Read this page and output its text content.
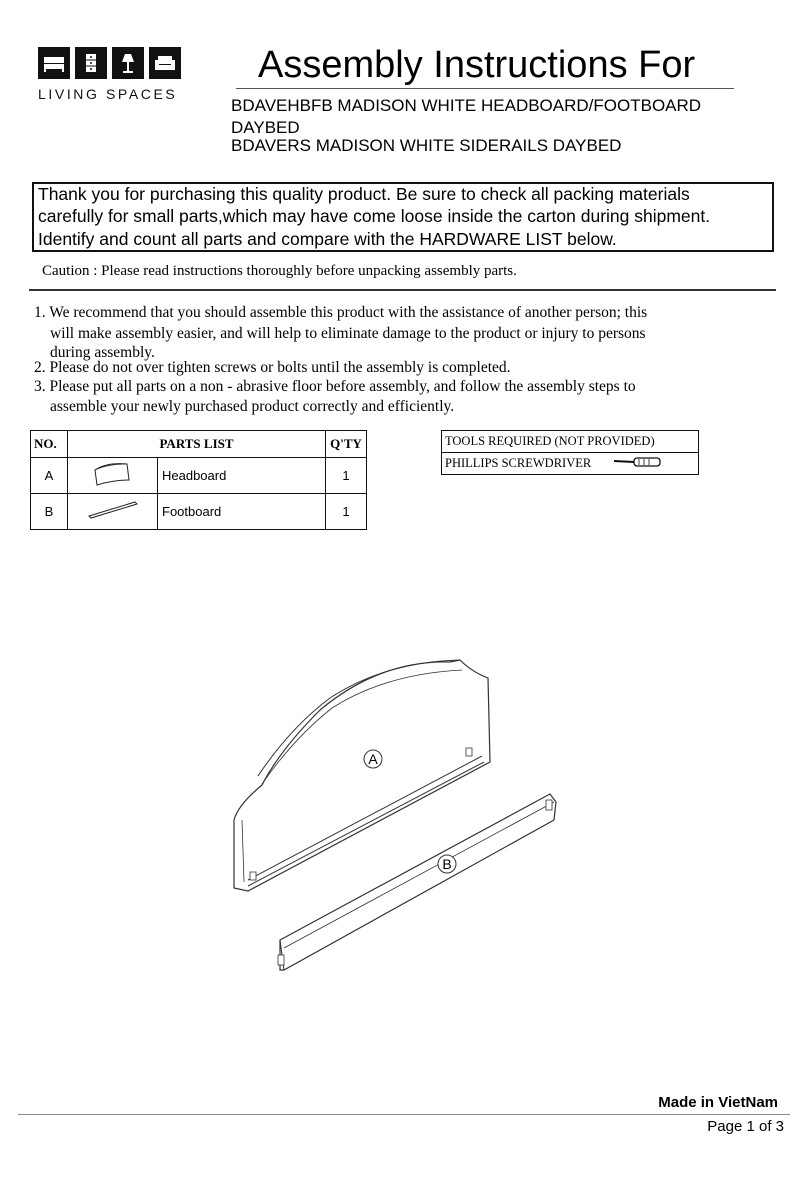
LIVING SPACES
Assembly Instructions For
BDAVEHBFB MADISON WHITE HEADBOARD/FOOTBOARD
DAYBED
BDAVERS MADISON WHITE SIDERAILS DAYBED
Thank you for purchasing this quality product. Be sure to check all packing materials
carefully for small parts,which may have come loose inside the carton during shipment.
Identify and count all parts and compare with the HARDWARE LIST below.
Caution : Please read instructions thoroughly before unpacking assembly parts.
1. We recommend that you should assemble this product with the assistance of another person; this
will make assembly easier, and will help to eliminate damage to the product or injury to persons
during assembly.
2. Please do not over tighten screws or bolts until the assembly is completed.
3. Please put all parts on a non - abrasive floor before assembly, and follow the assembly steps to
assemble your newly purchased product correctly and efficiently.
NO.	PARTS LIST		Q'TY
A		Headboard	1
B		Footboard	1
TOOLS REQUIRED (NOT PROVIDED)
PHILLIPS SCREWDRIVER
A
B
Made in VietNam
Page 1 of 3
